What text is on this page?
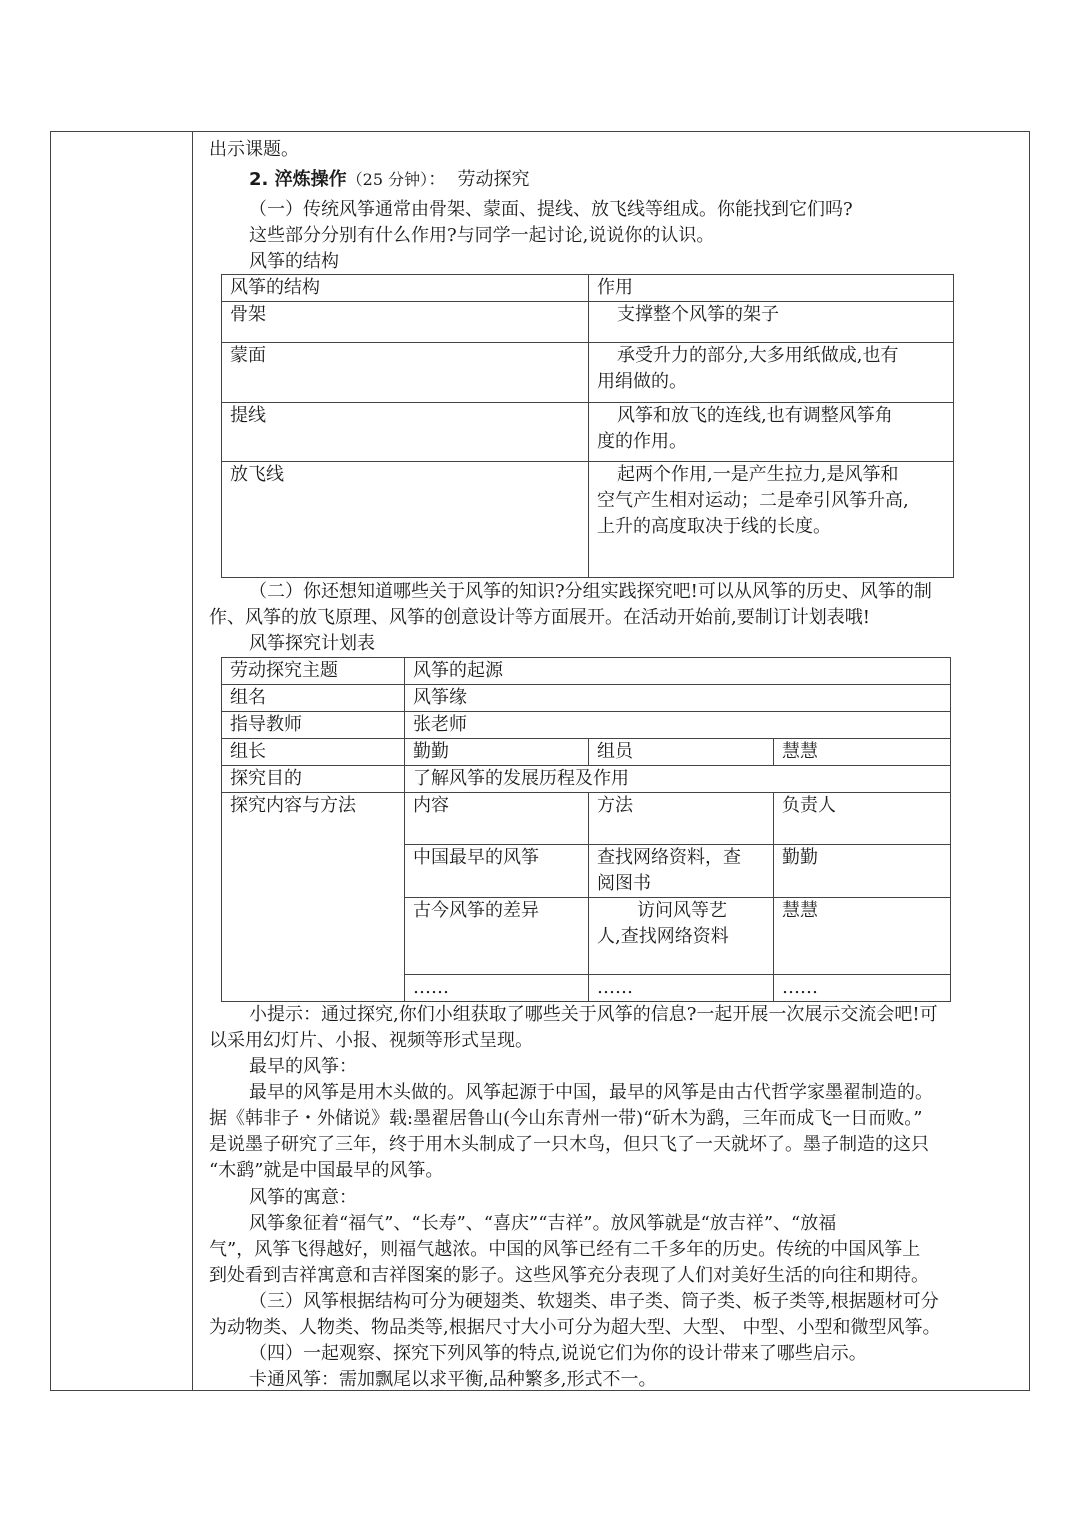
出示课题。
2. 淬炼操作（25 分钟）： 劳动探究
（一）传统风筝通常由骨架、蒙面、提线、放飞线等组成。你能找到它们吗?
这些部分分别有什么作用?与同学一起讨论,说说你的认识。
风筝的结构
风筝的结构	作用
骨架	支撑整个风筝的架子

蒙面	承受升力的部分,大多用纸做成,也有
用绢做的。

提线	风筝和放飞的连线,也有调整风筝角
度的作用。

放飞线	起两个作用,一是产生拉力,是风筝和
空气产生相对运动；二是牵引风筝升高,
上升的高度取决于线的长度。
（二）你还想知道哪些关于风筝的知识?分组实践探究吧!可以从风筝的历史、风筝的制
作、风筝的放飞原理、风筝的创意设计等方面展开。在活动开始前,要制订计划表哦!
风筝探究计划表
劳动探究主题	风筝的起源		
组名	风筝缘		
指导教师	张老师		
组长	勤勤	组员	慧慧
探究目的	了解风筝的发展历程及作用		
探究内容与方法	内容	方法	负责人
	中国最早的风筝	查找网络资料，查
阅图书	勤勤
	古今风筝的差异	访问风等艺
人,查找网络资料	慧慧
	……	……	……
小提示：通过探究,你们小组获取了哪些关于风筝的信息?一起开展一次展示交流会吧!可
以采用幻灯片、小报、视频等形式呈现。
最早的风筝：
最早的风筝是用木头做的。风筝起源于中国，最早的风筝是由古代哲学家墨翟制造的。
据《韩非子・外储说》载:墨翟居鲁山(今山东青州一带)“斫木为鹞，三年而成飞一日而败。”
是说墨子研究了三年，终于用木头制成了一只木鸟，但只飞了一天就坏了。墨子制造的这只
“木鹞”就是中国最早的风筝。
风筝的寓意：
风筝象征着“福气”、“长寿”、“喜庆”“吉祥”。放风筝就是“放吉祥”、“放福
气”，风筝飞得越好，则福气越浓。中国的风筝已经有二千多年的历史。传统的中国风筝上
到处看到吉祥寓意和吉祥图案的影子。这些风筝充分表现了人们对美好生活的向往和期待。
（三）风筝根据结构可分为硬翅类、软翅类、串子类、筒子类、板子类等,根据题材可分
为动物类、人物类、物品类等,根据尺寸大小可分为超大型、大型、 中型、小型和微型风筝。
（四）一起观察、探究下列风筝的特点,说说它们为你的设计带来了哪些启示。
卡通风筝：需加飘尾以求平衡,品种繁多,形式不一。
